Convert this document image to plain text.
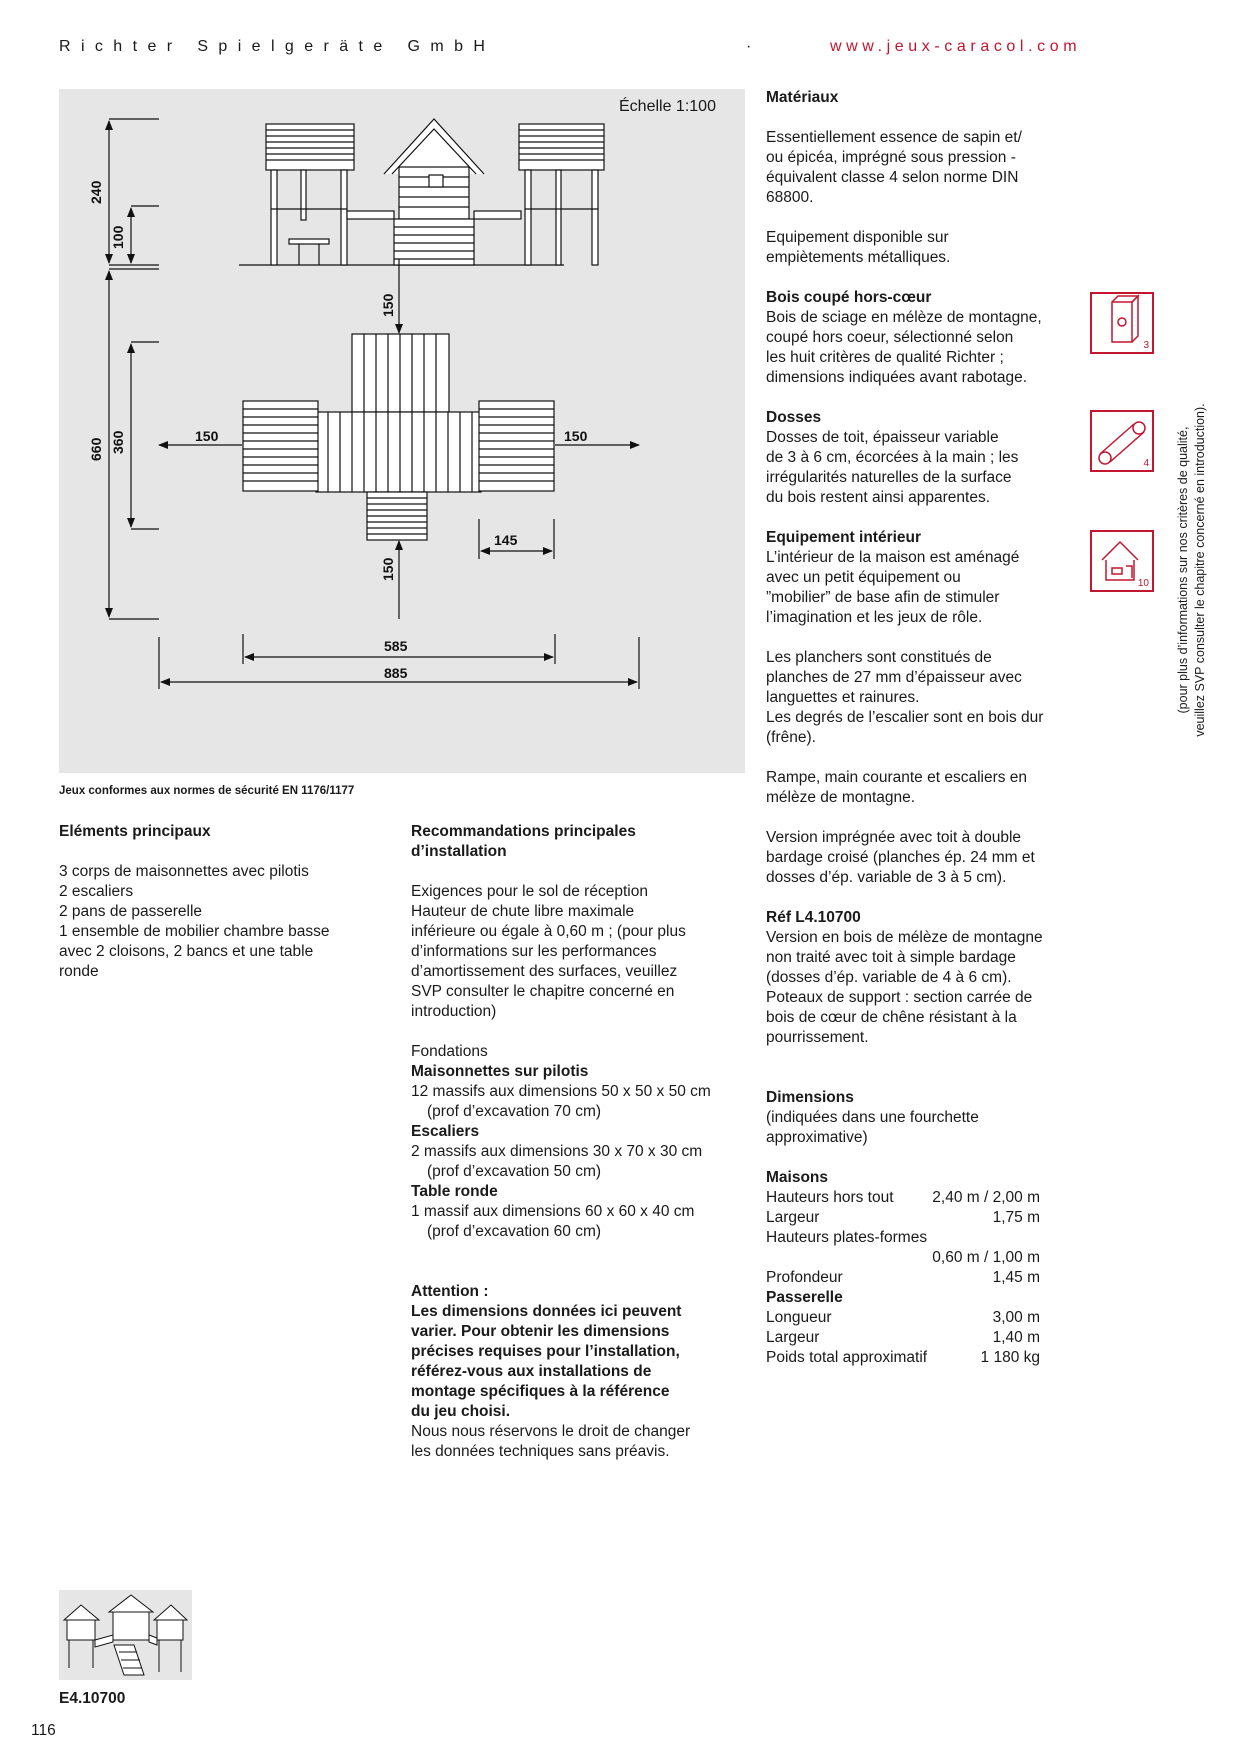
Richter Spielgeräte GmbH	·	www.jeux-caracol.com
240
100
150
660 360	150	150
145
150
585
885
Échelle 1:100
Jeux conformes aux normes de sécurité EN 1176/1177

Eléments principaux

3 corps de maisonnettes avec pilotis

2 escaliers

2 pans de passerelle

1 ensemble de mobilier chambre basse

avec 2 cloisons, 2 bancs et une table

ronde

Recommandations principales

d’installation

Exigences pour le sol de réception

Hauteur de chute libre maximale

inférieure ou égale à 0,60 m ; (pour plus

d’informations sur les performances

d’amortissement des surfaces, veuillez

SVP consulter le chapitre concerné en

introduction)

Fondations

Maisonnettes sur pilotis

12 massifs aux dimensions 50 x 50 x 50 cm

(prof d’excavation 70 cm)

Escaliers

2 massifs aux dimensions 30 x 70 x 30 cm

(prof d’excavation 50 cm)

Table ronde

1 massif aux dimensions 60 x 60 x 40 cm

(prof d’excavation 60 cm)

Attention :

Les dimensions données ici peuvent

varier. Pour obtenir les dimensions

précises requises pour l’installation,

référez-vous aux installations de

montage spécifiques à la référence

du jeu choisi.

Nous nous réservons le droit de changer

les données techniques sans préavis.

Matériaux

Essentiellement essence de sapin et/

ou épicéa, imprégné sous pression -

équivalent classe 4 selon norme DIN

68800.

Equipement disponible sur

empiètements métalliques.

Bois coupé hors-cœur

Bois de sciage en mélèze de montagne,

coupé hors coeur, sélectionné selon

les huit critères de qualité Richter ;

dimensions indiquées avant rabotage.

Dosses

Dosses de toit, épaisseur variable

de 3 à 6 cm, écorcées à la main ; les

irrégularités naturelles de la surface

du bois restent ainsi apparentes.

Equipement intérieur

L’intérieur de la maison est aménagé

avec un petit équipement ou

”mobilier” de base afin de stimuler

l’imagination et les jeux de rôle.

Les planchers sont constitués de

planches de 27 mm d’épaisseur avec

languettes et rainures.

Les degrés de l’escalier sont en bois dur

(frêne).

Rampe, main courante et escaliers en

mélèze de montagne.

Version imprégnée avec toit à double

bardage croisé (planches ép. 24 mm et

dosses d’ép. variable de 3 à 5 cm).

Réf L4.10700

Version en bois de mélèze de montagne

non traité avec toit à simple bardage

(dosses d’ép. variable de 4 à 6 cm).

Poteaux de support : section carrée de

bois de cœur de chêne résistant à la

pourrissement.

Dimensions

(indiquées dans une fourchette

approximative)

Maisons

Hauteurs hors tout	2,40 m / 2,00 m
Largeur	1,75 m

Hauteurs plates-formes

0,60 m / 1,00 m
Profondeur	1,45 m

Passerelle

Longueur	3,00 m
Largeur	1,40 m
Poids total approximatif	1 180 kg
3
4
10 (pour plus d’informations sur nos critères de qualité, veuillez SVP consulter le chapitre concerné en introduction).
E4.10700
116
